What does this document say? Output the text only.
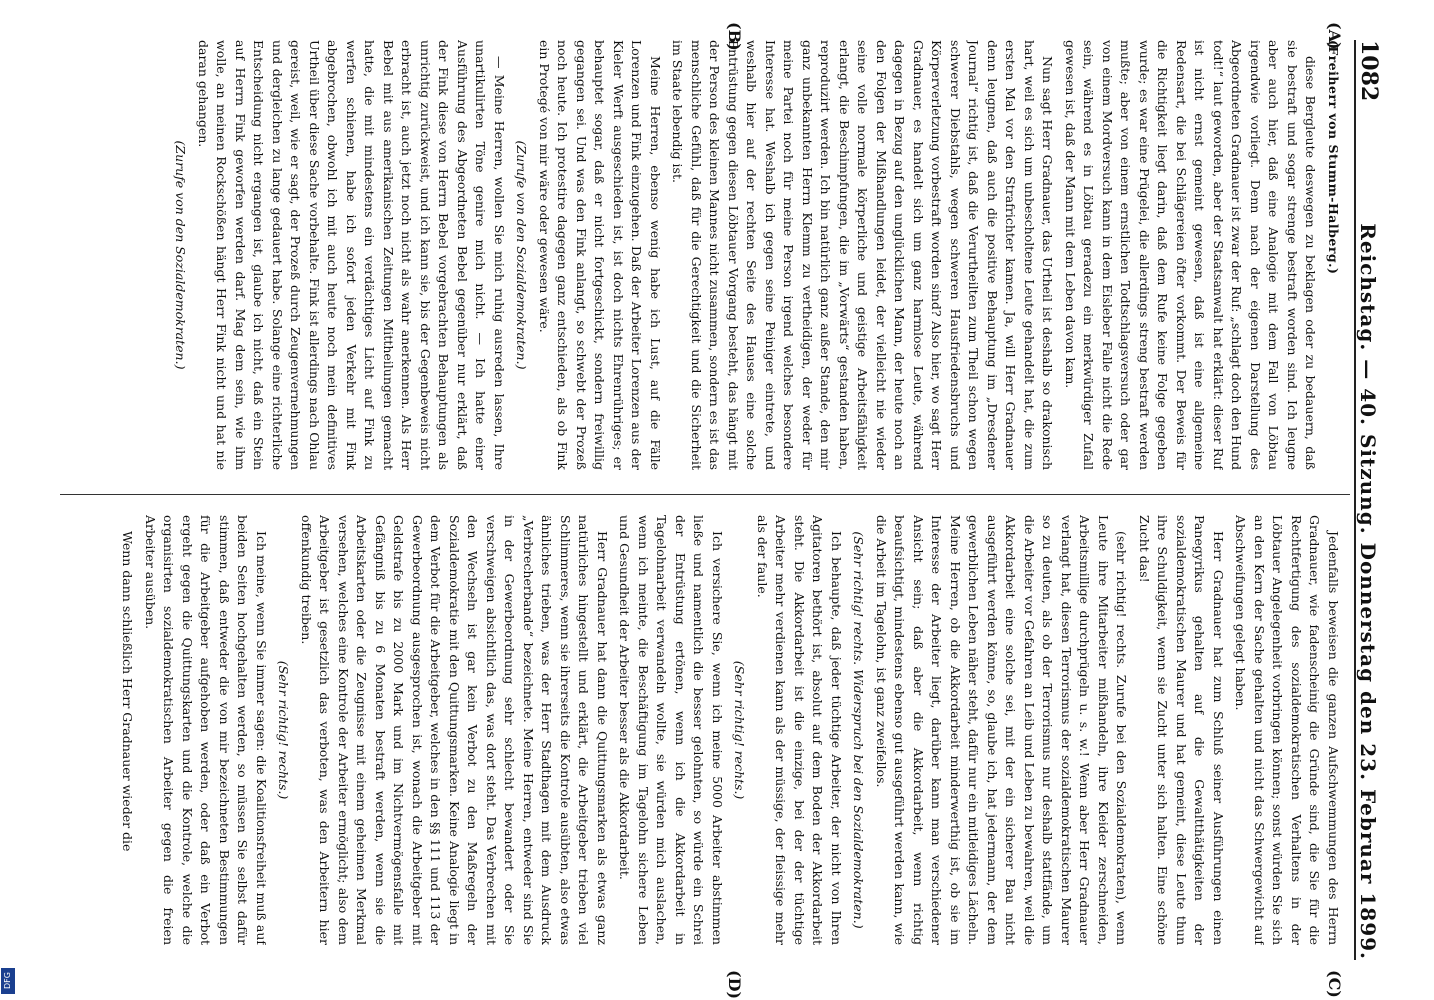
1082
Reichstag. — 40. Sitzung. Donnerstag den 23. Februar 1899.
(A)
(B)
(C)
(D)

(Freiherr von Stumm-Halberg.)

diese Bergleute deswegen zu beklagen oder zu bedauern, daß sie bestraft und sogar strenge bestraft worden sind. Ich leugne aber auch hier, daß eine Analogie mit dem Fall von Löbtau irgendwie vorliegt. Denn nach der eigenen Darstellung des Abgeordneten Gradnauer ist zwar der Ruf: „schlagt doch den Hund todt!“ laut geworden, aber der Staatsanwalt hat erklärt: dieser Ruf ist nicht ernst gemeint gewesen, daß ist eine allgemeine Redensart, die bei Schlägereien öfter vorkommt. Der Beweis für die Richtigkeit liegt darin, daß dem Rufe keine Folge gegeben wurde; es war eine Prügelei, die allerdings streng bestraft werden mußte; aber von einem ernstlichen Todtschlagsversuch oder gar von einem Mordversuch kann in dem Eisleber Falle nicht die Rede sein, während es in Löbtau geradezu ein merkwürdiger Zufall gewesen ist, daß der Mann mit dem Leben davon kam.

Nun sagt Herr Gradnauer, das Urtheil ist deshalb so drakonisch hart, weil es sich um unbescholtene Leute gehandelt hat, die zum ersten Mal vor den Strafrichter kamen. Ja, will Herr Gradnauer denn leugnen, daß auch die positive Behauptung im „Dresdener Journal“ richtig ist, daß die Verurtheilten zum Theil schon wegen schwerer Diebstahls, wegen schweren Hausfriedensbruchs und Körperverletzung vorbestraft worden sind? Also hier, wo sagt Herr Gradnauer, es handelt sich um ganz harmlose Leute, während dagegen in Bezug auf den unglücklichen Mann, der heute noch an den Folgen der Mißhandlungen leidet, der vielleicht nie wieder seine volle normale körperliche und geistige Arbeitsfähigkeit erlangt, die Beschimpfungen, die im „Vorwärts“ gestanden haben, reproduzirt werden. Ich bin natürlich ganz außer Stande, den mir ganz unbekannten Herrn Klemm zu vertheidigen, der weder für meine Partei noch für meine Person irgend welches besondere Interesse hat. Weshalb ich gegen seine Peiniger eintrete, und weshalb hier auf der rechten Seite des Hauses eine solche Entrüstung gegen diesen Löbtauer Vorgang besteht, das hängt mit der Person des kleinen Mannes nicht zusammen, sondern es ist das menschliche Gefühl, daß für die Gerechtigkeit und die Sicherheit im Staate lebendig ist.

Meine Herren, ebenso wenig habe ich Lust, auf die Fälle Lorenzen und Fink einzugehen. Daß der Arbeiter Lorenzen aus der Kieler Werft ausgeschieden ist, ist doch nichts Ehrenrühriges; er behauptet sogar, daß er nicht fortgeschickt, sondern freiwillig gegangen sei. Und was den Fink anlangt, so schwebt der Prozeß noch heute. Ich protestire dagegen ganz entschieden, als ob Fink ein Protegé von mir wäre oder gewesen wäre.

(Zurufe von den Sozialdemokraten.)

— Meine Herren, wollen Sie mich ruhig ausreden lassen, Ihre unartikulirten Töne genire mich nicht. — Ich hatte einer Ausführung des Abgeordneten Bebel gegenüber nur erklärt, daß der Fink diese von Herrn Bebel vorgebrachten Behauptungen als unrichtig zurückweist, und ich kann sie, bis der Gegenbeweis nicht erbracht ist, auch jetzt noch nicht als wahr anerkennen. Als Herr Bebel mit aus amerikanischen Zeitungen Mittheilungen gemacht hatte, die mit mindestens ein verdächtiges Licht auf Fink zu werfen schienen, habe ich sofort jeden Verkehr mit Fink abgebrochen, obwohl ich mit auch heute noch mein definitives Urtheil über diese Sache vorbehalte. Fink ist allerdings nach Ohlau gereist, weil, wie er sagt, der Prozeß durch Zeugenvernehmungen und dergleichen zu lange gedauert habe. Solange eine richterliche Entscheidung nicht ergangen ist, glaube ich nicht, daß ein Stein auf Herrn Fink geworfen werden darf. Mag dem sein, wie ihm wolle, an meinen Rockschößen hängt Herr Fink nicht und hat nie daran gehangen.

(Zurufe von den Sozialdemokraten.)

Jedenfalls beweisen die ganzen Aufschwemmungen des Herrn Gradnauer, wie fadenscheinig die Gründe sind, die Sie für die Rechtfertigung des sozialdemokratischen Verhaltens in der Löbtauer Angelegenheit vorbringen können; sonst würden Sie sich an den Kern der Sache gehalten und nicht das Schwergewicht auf Abschweifungen gelegt haben.

Herr Gradnauer hat zum Schluß seiner Ausführungen einen Panegyrikus gehalten auf die Gewaltthätigkeiten der sozialdemokratischen Maurer und hat gemeint, diese Leute thun ihre Schuldigkeit, wenn sie Zucht unter sich halten. Eine schöne Zucht das!

(sehr richtig! rechts. Zurufe bei den Sozialdemokraten), wenn Leute ihre Mitarbeiter mißhandeln, ihre Kleider zerschneiden, Arbeitsmillige durchprügeln u. s. w.! Wenn aber Herr Gradnauer verlangt hat, diesen Terrorismus der sozialdemokratischen Maurer so zu deuten, als ob der Terrorismus nur deshalb stattfände, um die Arbeiter vor Gefahren an Leib und Leben zu bewahren, weil die Akkordarbeit eine solche sei, mit der ein sicherer Bau nicht ausgeführt werden könne, so, glaube ich, hat jedermann, der dem gewerblichen Leben näher steht, dafür nur ein mitleidiges Lächeln. Meine Herren, ob die Akkordarbeit minderwerthig ist, ob sie im Interesse der Arbeiter liegt, darüber kann man verschiedener Ansicht sein; daß aber die Akkordarbeit, wenn richtig beaufsichtigt, mindestens ebenso gut ausgeführt werden kann, wie die Arbeit im Tagelohn, ist ganz zweifellos.

(Sehr richtig! rechts. Widerspruch bei den Sozialdemokraten.)

Ich behaupte, daß jeder tüchtige Arbeiter, der nicht von Ihren Agitatoren bethört ist, absolut auf dem Boden der Akkordarbeit steht. Die Akkordarbeit ist die einzige, bei der der tüchtige Arbeiter mehr verdienen kann als der müssige, der fleissige mehr als der faule.

(Sehr richtig! rechts.)

Ich versichere Sie, wenn ich meine 5000 Arbeiter abstimmen ließe und namentlich die besser gelohnten, so würde ein Schrei der Entrüstung ertönen, wenn ich die Akkordarbeit in Tagelohnarbeit verwandeln wollte, sie würden mich auslachen, wenn ich meinte, die Beschäftigung im Tagelohn sichere Leben und Gesundheit der Arbeiter besser als die Akkordarbeit.

Herr Gradnauer hat dann die Quittungsmarken als etwas ganz natürliches hingestellt und erklärt, die Arbeitgeber trieben viel Schlimmeres, wenn sie ihrerseits die Kontrole ausübten, also etwas ähnliches trieben, was der Herr Stadthagen mit dem Ausdruck „Verbrecherbande“ bezeichnete. Meine Herren, entweder sind Sie in der Gewerbeordnung sehr schlecht bewandert oder Sie verschweigen absichtlich das, was dort steht. Das Verbrechen mit den Wechseln ist gar kein Verbot zu den Maßregeln der Sozialdemokratie mit den Quittungsmarken. Keine Analogie liegt in dem Verbot für die Arbeitgeber, welches in den §§ 111 und 113 der Gewerbeordnung ausgesprochen ist, wonach die Arbeitgeber mit Geldstrafe bis zu 2000 Mark und im Nichtvermögensfalle mit Gefängniß bis zu 6 Monaten bestraft werden, wenn sie die Arbeitskarten oder die Zeugnisse mit einem geheimen Merkmal versehen, welches eine Kontrole der Arbeiter ermöglicht; also dem Arbeitgeber ist gesetzlich das verboten, was den Arbeitern hier offenkundig treiben.

(Sehr richtig! rechts.)

Ich meine, wenn Sie immer sagen: die Koalitionsfreiheit muß auf beiden Seiten hochgehalten werden, so müssen Sie selbst dafür stimmen, daß entweder die von mir bezeichneten Bestimmungen für die Arbeitgeber aufgehoben werden, oder daß ein Verbot ergeht gegen die Quittungskarten und die Kontrole, welche die organisirten sozialdemokratischen Arbeiter gegen die freien Arbeiter ausüben.

Wenn dann schließlich Herr Gradnauer wieder die

DFG
